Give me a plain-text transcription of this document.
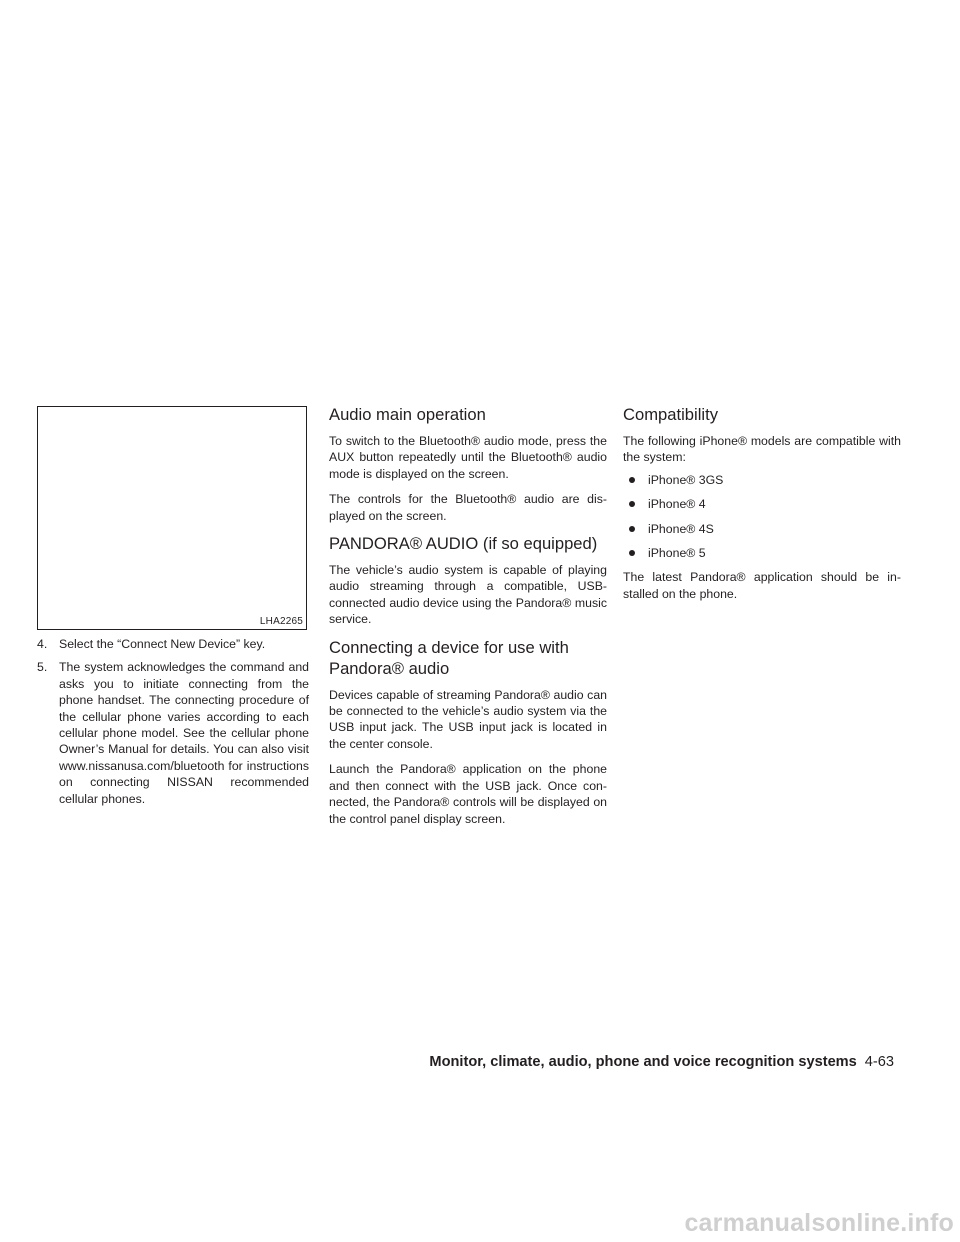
LHA2265
4. Select the “Connect New Device” key.
5. The system acknowledges the command and asks you to initiate connecting from the phone handset. The connecting procedure of the cellular phone varies according to each cellular phone model. See the cellular phone Owner’s Manual for details. You can also visit www.nissanusa.com/bluetooth for instructions on connecting NISSAN recommended cellular phones.
Audio main operation

To switch to the Bluetooth® audio mode, press the AUX button repeatedly until the Bluetooth® audio mode is displayed on the screen.

The controls for the Bluetooth® audio are displayed on the screen.

PANDORA® AUDIO (if so equipped)

The vehicle’s audio system is capable of playing audio streaming through a compatible, USB-connected audio device using the Pandora® music service.

Connecting a device for use with Pandora® audio

Devices capable of streaming Pandora® audio can be connected to the vehicle’s audio system via the USB input jack. The USB input jack is located in the center console.

Launch the Pandora® application on the phone and then connect with the USB jack. Once connected, the Pandora® controls will be displayed on the control panel display screen.

Compatibility

The following iPhone® models are compatible with the system:

iPhone® 3GS
iPhone® 4
iPhone® 4S
iPhone® 5

The latest Pandora® application should be installed on the phone.

Monitor, climate, audio, phone and voice recognition systems 4-63
carmanualsonline.info
